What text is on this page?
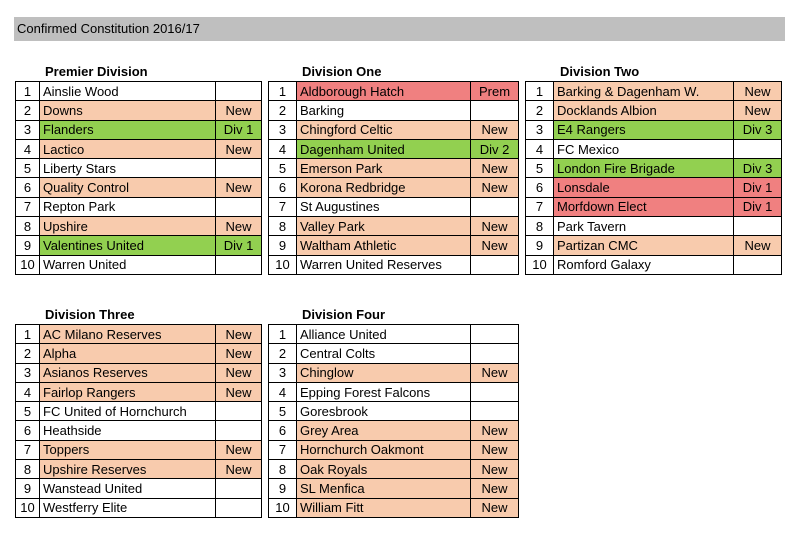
Confirmed Constitution 2016/17
Premier Division
1	Ainslie Wood	
2	Downs	New
3	Flanders	Div 1
4	Lactico	New
5	Liberty Stars	
6	Quality Control	New
7	Repton Park	
8	Upshire	New
9	Valentines United	Div 1
10	Warren United	
Division One
1	Aldborough Hatch	Prem
2	Barking	
3	Chingford Celtic	New
4	Dagenham United	Div 2
5	Emerson Park	New
6	Korona Redbridge	New
7	St Augustines	
8	Valley Park	New
9	Waltham Athletic	New
10	Warren United Reserves	
Division Two
1	Barking & Dagenham W.	New
2	Docklands Albion	New
3	E4 Rangers	Div 3
4	FC Mexico	
5	London Fire Brigade	Div 3
6	Lonsdale	Div 1
7	Morfdown Elect	Div 1
8	Park Tavern	
9	Partizan CMC	New
10	Romford Galaxy	
Division Three
1	AC Milano Reserves	New
2	Alpha	New
3	Asianos Reserves	New
4	Fairlop Rangers	New
5	FC United of Hornchurch	
6	Heathside	
7	Toppers	New
8	Upshire Reserves	New
9	Wanstead United	
10	Westferry Elite	
Division Four
1	Alliance United	
2	Central Colts	
3	Chinglow	New
4	Epping Forest Falcons	
5	Goresbrook	
6	Grey Area	New
7	Hornchurch Oakmont	New
8	Oak Royals	New
9	SL Menfica	New
10	William Fitt	New
